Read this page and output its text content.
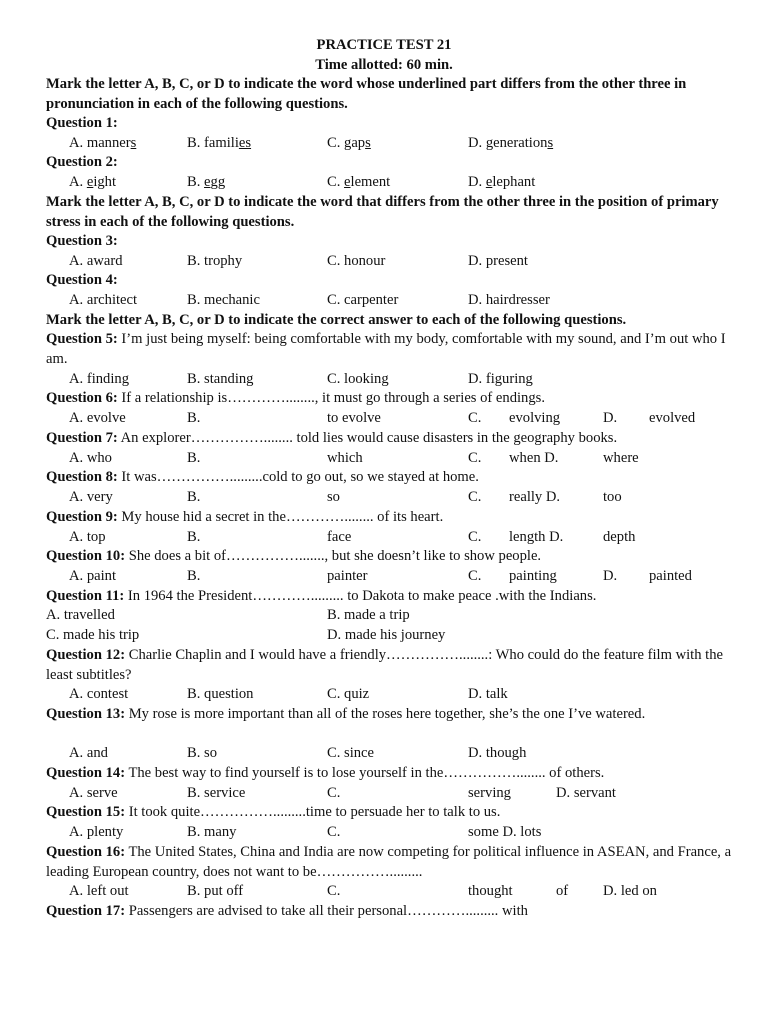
PRACTICE TEST 21
Time allotted: 60 min.
Mark the letter A, B, C, or D to indicate the word whose underlined part differs from the other three in pronunciation in each of the following questions.
Question 1:
A. manners	B. families	C. gaps	D. generations
Question 2:
A. eight	B. egg	C. element	D. elephant
Mark the letter A, B, C, or D to indicate the word that differs from the other three in the position of primary stress in each of the following questions.
Question 3:
A. award	B. trophy	C. honour	D. present
Question 4:
A. architect	B. mechanic	C. carpenter	D. hairdresser
Mark the letter A, B, C, or D to indicate the correct answer to each of the following questions.
Question 5: I’m just being myself: being comfortable with my body, comfortable with my sound, and I’m out who I am.
A. finding	B. standing	C. looking	D. figuring
Question 6: If a relationship is…………........, it must go through a series of endings.
A. evolve	B.	to evolve	C. evolving	D. evolved
Question 7: An explorer……………........ told lies would cause disasters in the geography books.
A. who	B.	which	C. when D.	where
Question 8: It was…………….........cold to go out, so we stayed at home.
A. very	B.	so	C. really D.	too
Question 9: My house hid a secret in the…………........ of its heart.
A. top	B.	face	C. length D.	depth
Question 10: She does a bit of……………......., but she doesn’t like to show people.
A. paint	B.	painter	C. painting	D. painted
Question 11: In 1964 the President…………......... to Dakota to make peace .with the Indians.
A. travelled	B. made a trip
C. made his trip	D. made his journey
Question 12: Charlie Chaplin and I would have a friendly……………........: Who could do the feature film with the least subtitles?
A. contest	B. question	C. quiz	D. talk
Question 13: My rose is more important than all of the roses here together, she’s the one I’ve watered.
A. and	B. so	C. since	D. though
Question 14: The best way to find yourself is to lose yourself in the……………........ of others.
A. serve	B. service	C.	serving	D. servant
Question 15: It took quite…………….........time to persuade her to talk to us.
A. plenty	B. many	C.	some D. lots
Question 16: The United States, China and India are now competing for political influence in ASEAN, and France, a leading European country, does not want to be…………….........
A. left out	B. put off	C.	thought	of D. led on
Question 17: Passengers are advised to take all their personal…………......... with
